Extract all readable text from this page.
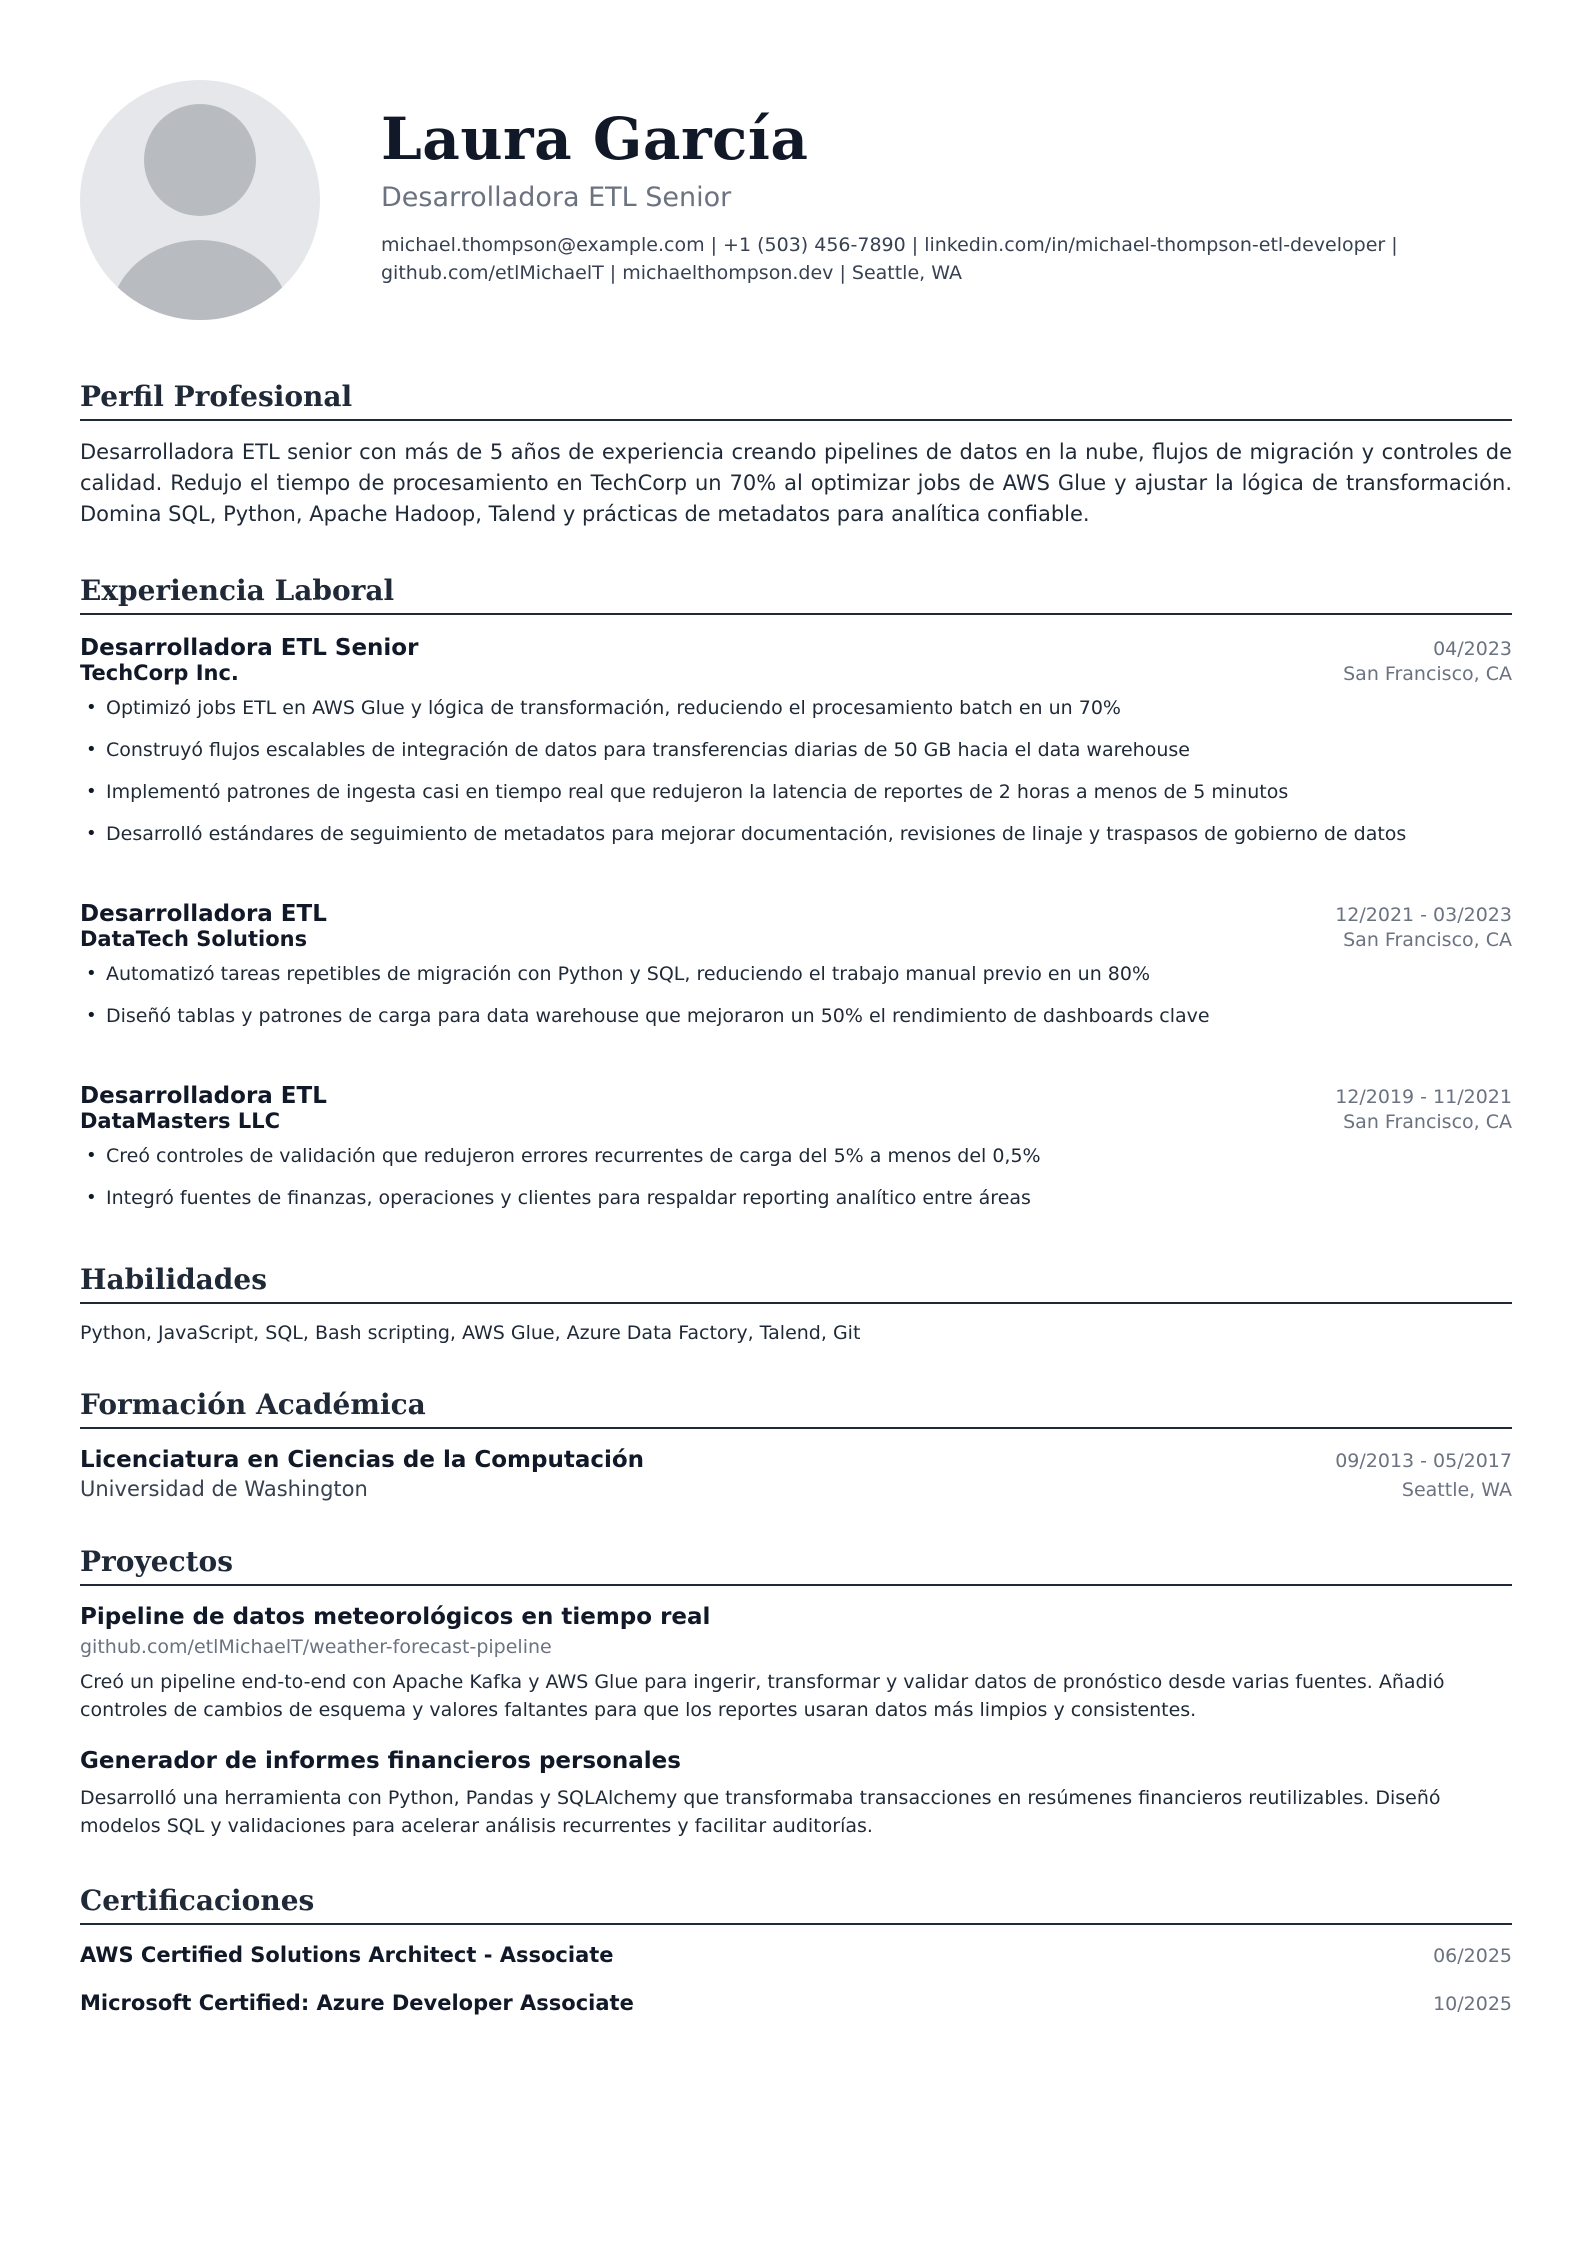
Laura García
Desarrolladora ETL Senior
michael.thompson@example.com | +1 (503) 456-7890 | linkedin.com/in/michael-thompson-etl-developer |
github.com/etlMichaelT | michaelthompson.dev | Seattle, WA
Perfil Profesional
Desarrolladora ETL senior con más de 5 años de experiencia creando pipelines de datos en la nube, flujos de migración y controles de calidad. Redujo el tiempo de procesamiento en TechCorp un 70% al optimizar jobs de AWS Glue y ajustar la lógica de transformación. Domina SQL, Python, Apache Hadoop, Talend y prácticas de metadatos para analítica confiable.
Experiencia Laboral
Desarrolladora ETL Senior	04/2023
TechCorp Inc.	San Francisco, CA
• Optimizó jobs ETL en AWS Glue y lógica de transformación, reduciendo el procesamiento batch en un 70%
• Construyó flujos escalables de integración de datos para transferencias diarias de 50 GB hacia el data warehouse
• Implementó patrones de ingesta casi en tiempo real que redujeron la latencia de reportes de 2 horas a menos de 5 minutos
• Desarrolló estándares de seguimiento de metadatos para mejorar documentación, revisiones de linaje y traspasos de gobierno de datos
Desarrolladora ETL	12/2021 - 03/2023
DataTech Solutions	San Francisco, CA
• Automatizó tareas repetibles de migración con Python y SQL, reduciendo el trabajo manual previo en un 80%
• Diseñó tablas y patrones de carga para data warehouse que mejoraron un 50% el rendimiento de dashboards clave
Desarrolladora ETL	12/2019 - 11/2021
DataMasters LLC	San Francisco, CA
• Creó controles de validación que redujeron errores recurrentes de carga del 5% a menos del 0,5%
• Integró fuentes de finanzas, operaciones y clientes para respaldar reporting analítico entre áreas
Habilidades
Python, JavaScript, SQL, Bash scripting, AWS Glue, Azure Data Factory, Talend, Git
Formación Académica
Licenciatura en Ciencias de la Computación	09/2013 - 05/2017
Universidad de Washington	Seattle, WA
Proyectos
Pipeline de datos meteorológicos en tiempo real
github.com/etlMichaelT/weather-forecast-pipeline
Creó un pipeline end-to-end con Apache Kafka y AWS Glue para ingerir, transformar y validar datos de pronóstico desde varias fuentes. Añadió controles de cambios de esquema y valores faltantes para que los reportes usaran datos más limpios y consistentes.
Generador de informes financieros personales
Desarrolló una herramienta con Python, Pandas y SQLAlchemy que transformaba transacciones en resúmenes financieros reutilizables. Diseñó modelos SQL y validaciones para acelerar análisis recurrentes y facilitar auditorías.
Certificaciones
AWS Certified Solutions Architect - Associate	06/2025
Microsoft Certified: Azure Developer Associate	10/2025
